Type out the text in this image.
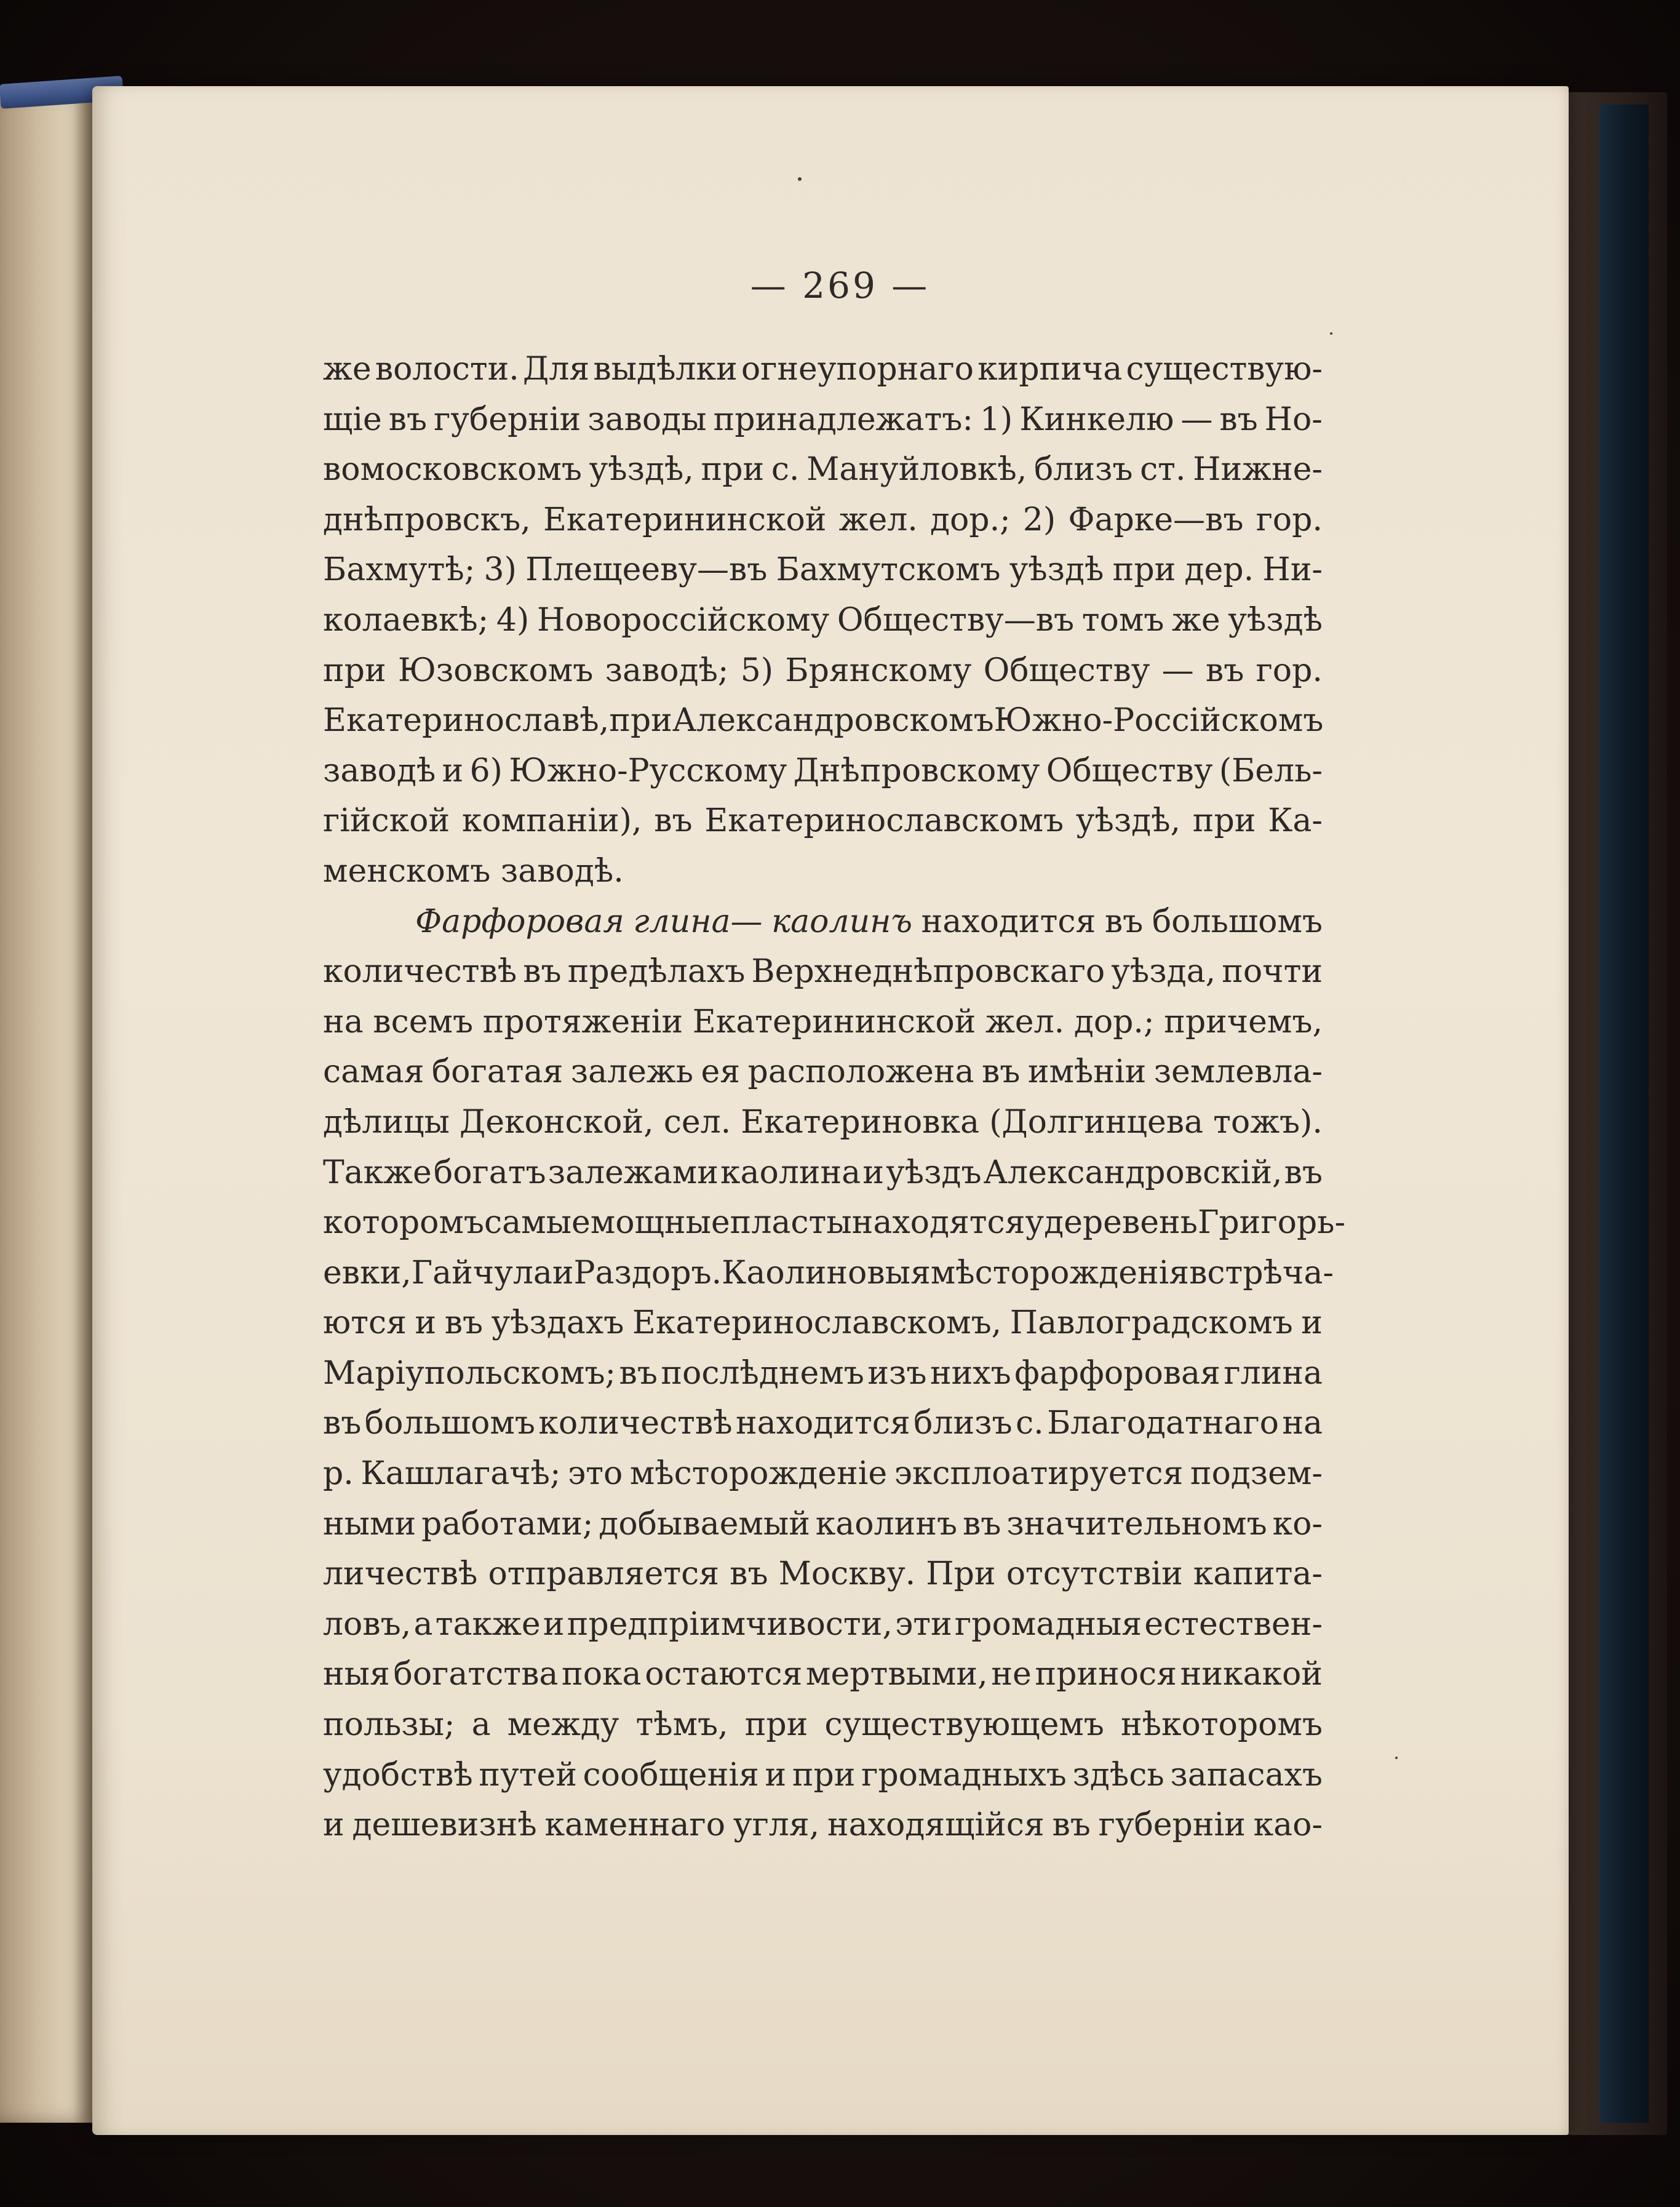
— 269 —
же волости. Для выдѣлки огнеупорнаго кирпича существую-
щіе въ губерніи заводы принадлежатъ: 1) Кинкелю — въ Но-
вомосковскомъ уѣздѣ, при с. Мануйловкѣ, близъ ст. Нижне-
днѣпровскъ, Екатерининской жел. дор.; 2) Фарке—въ гор.
Бахмутѣ; 3) Плещееву—въ Бахмутскомъ уѣздѣ при дер. Ни-
колаевкѣ; 4) Новороссійскому Обществу—въ томъ же уѣздѣ
при Юзовскомъ заводѣ; 5) Брянскому Обществу — въ гор.
Екатеринославѣ, при Александровскомъ Южно-Россійскомъ
заводѣ и 6) Южно-Русскому Днѣпровскому Обществу (Бель-
гійской компаніи), въ Екатеринославскомъ уѣздѣ, при Ка-
менскомъ заводѣ.
Фарфоровая глина— каолинъ находится въ большомъ
количествѣ въ предѣлахъ Верхнеднѣпровскаго уѣзда, почти
на всемъ протяженіи Екатерининской жел. дор.; причемъ,
самая богатая залежь ея расположена въ имѣніи землевла-
дѣлицы Деконской, сел. Екатериновка (Долгинцева тожъ).
Также богатъ залежами каолина и уѣздъ Александровскій, въ
которомъ самые мощные пласты находятся у деревень Григорь-
евки, Гайчула и Раздоръ. Каолиновыя мѣсторожденія встрѣча-
ются и въ уѣздахъ Екатеринославскомъ, Павлоградскомъ и
Маріупольскомъ; въ послѣднемъ изъ нихъ фарфоровая глина
въ большомъ количествѣ находится близъ с. Благодатнаго на
р. Кашлагачѣ; это мѣсторожденіе эксплоатируется подзем-
ными работами; добываемый каолинъ въ значительномъ ко-
личествѣ отправляется въ Москву. При отсутствіи капита-
ловъ, а также и предпріимчивости, эти громадныя естествен-
ныя богатства пока остаются мертвыми, не принося никакой
пользы; а между тѣмъ, при существующемъ нѣкоторомъ
удобствѣ путей сообщенія и при громадныхъ здѣсь запасахъ
и дешевизнѣ каменнаго угля, находящійся въ губерніи као-
